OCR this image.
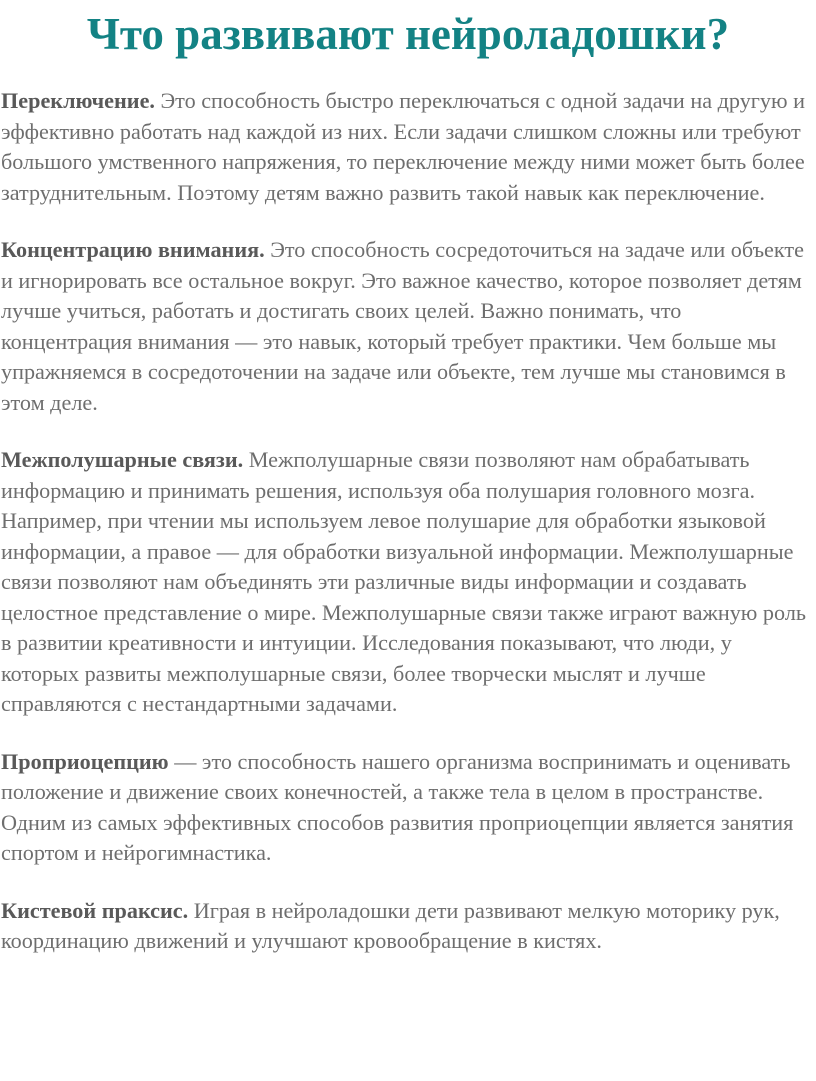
Что развивают нейроладошки?

Переключение. Это способность быстро переключаться с одной задачи на другую и эффективно работать над каждой из них. Если задачи слишком сложны или требуют большого умственного напряжения, то переключение между ними может быть более затруднительным. Поэтому детям важно развить такой навык как переключение.

Концентрацию внимания. Это способность сосредоточиться на задаче или объекте и игнорировать все остальное вокруг. Это важное качество, которое позволяет детям лучше учиться, работать и достигать своих целей. Важно понимать, что концентрация внимания — это навык, который требует практики. Чем больше мы упражняемся в сосредоточении на задаче или объекте, тем лучше мы становимся в этом деле.

Межполушарные связи. Межполушарные связи позволяют нам обрабатывать информацию и принимать решения, используя оба полушария головного мозга. Например, при чтении мы используем левое полушарие для обработки языковой информации, а правое — для обработки визуальной информации. Межполушарные связи позволяют нам объединять эти различные виды информации и создавать целостное представление о мире. Межполушарные связи также играют важную роль в развитии креативности и интуиции. Исследования показывают, что люди, у которых развиты межполушарные связи, более творчески мыслят и лучше справляются с нестандартными задачами.

Проприоцепцию — это способность нашего организма воспринимать и оценивать положение и движение своих конечностей, а также тела в целом в пространстве. Одним из самых эффективных способов развития проприоцепции является занятия спортом и нейрогимнастика.

Кистевой праксис. Играя в нейроладошки дети развивают мелкую моторику рук, координацию движений и улучшают кровообращение в кистях.
